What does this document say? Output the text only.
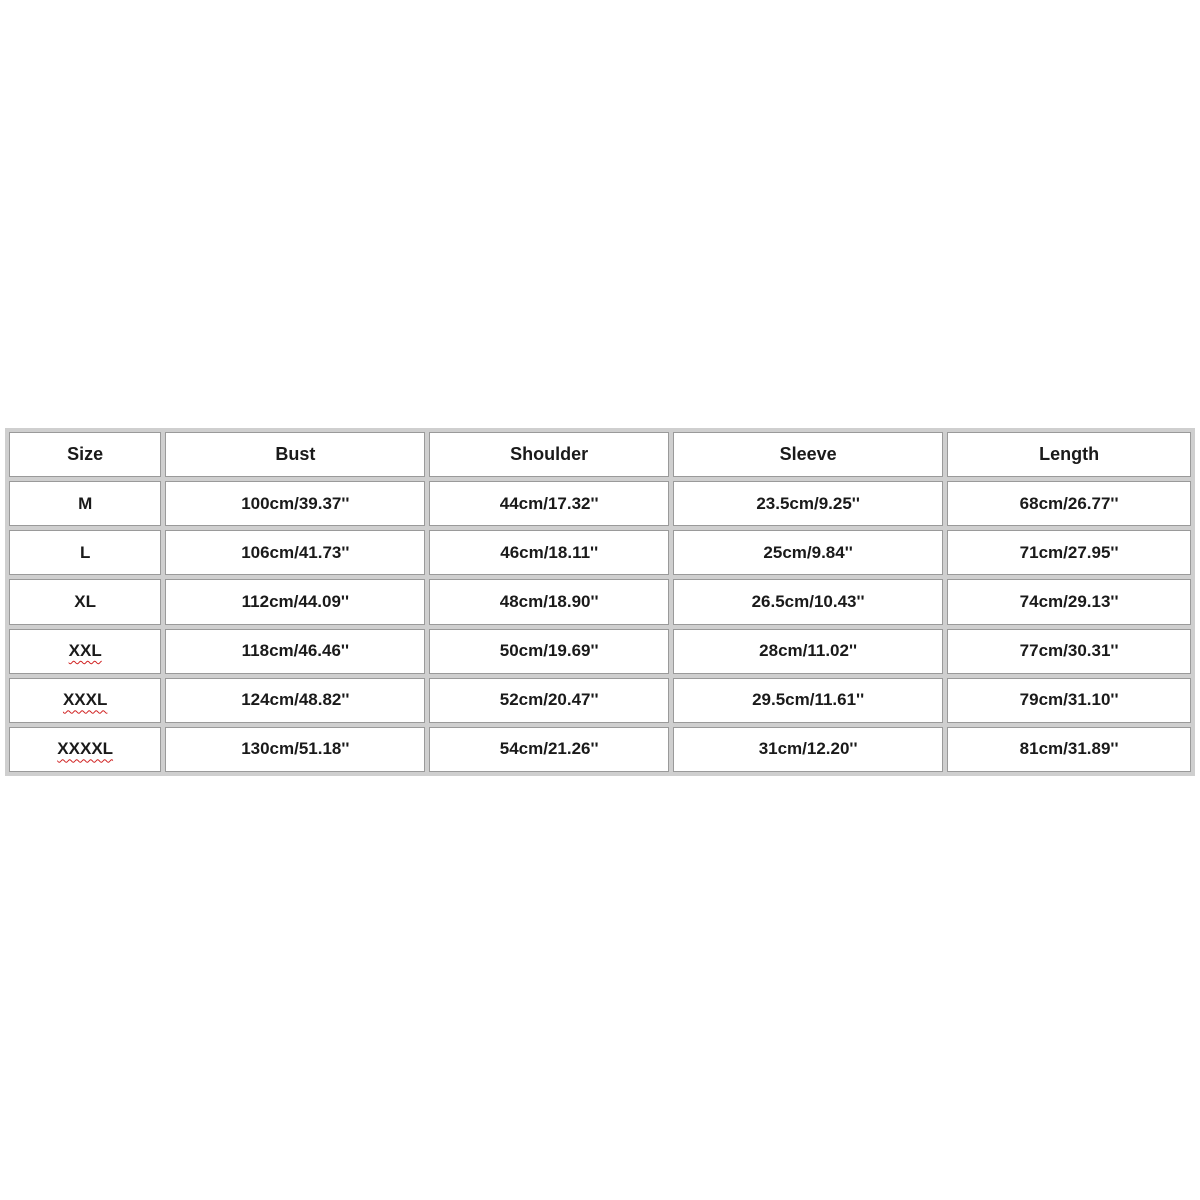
Size	Bust	Shoulder	Sleeve	Length
M	100cm/39.37''	44cm/17.32''	23.5cm/9.25''	68cm/26.77''
L	106cm/41.73''	46cm/18.11''	25cm/9.84''	71cm/27.95''
XL	112cm/44.09''	48cm/18.90''	26.5cm/10.43''	74cm/29.13''
XXL	118cm/46.46''	50cm/19.69''	28cm/11.02''	77cm/30.31''
XXXL	124cm/48.82''	52cm/20.47''	29.5cm/11.61''	79cm/31.10''
XXXXL	130cm/51.18''	54cm/21.26''	31cm/12.20''	81cm/31.89''
